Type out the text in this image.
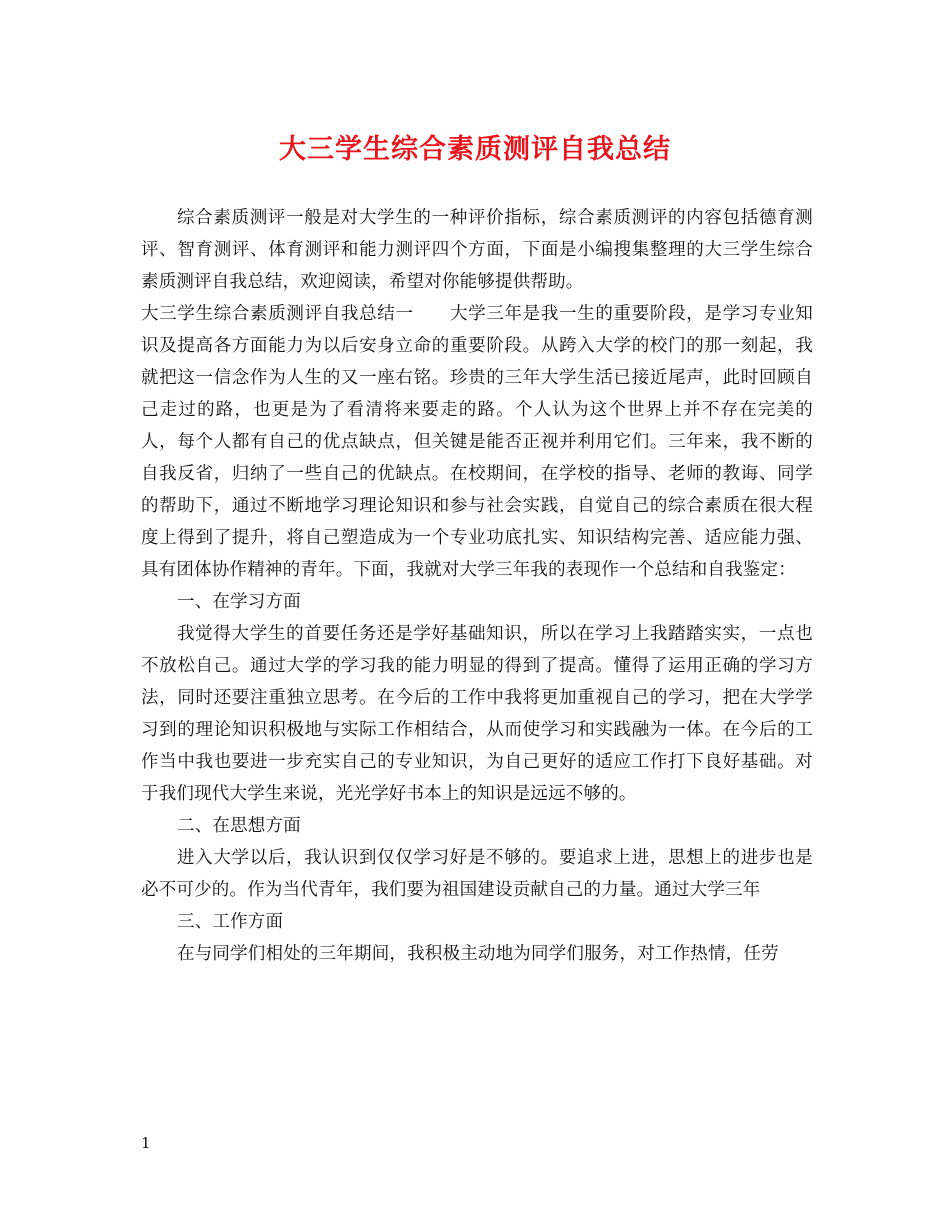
大三学生综合素质测评自我总结

综合素质测评一般是对大学生的一种评价指标，综合素质测评的内容包括德育测评、智育测评、体育测评和能力测评四个方面，下面是小编搜集整理的大三学生综合素质测评自我总结，欢迎阅读，希望对你能够提供帮助。

大三学生综合素质测评自我总结一　　大学三年是我一生的重要阶段，是学习专业知识及提高各方面能力为以后安身立命的重要阶段。从跨入大学的校门的那一刻起，我就把这一信念作为人生的又一座右铭。珍贵的三年大学生活已接近尾声，此时回顾自己走过的路，也更是为了看清将来要走的路。个人认为这个世界上并不存在完美的人，每个人都有自己的优点缺点，但关键是能否正视并利用它们。三年来，我不断的自我反省，归纳了一些自己的优缺点。在校期间，在学校的指导、老师的教诲、同学的帮助下，通过不断地学习理论知识和参与社会实践，自觉自己的综合素质在很大程度上得到了提升，将自己塑造成为一个专业功底扎实、知识结构完善、适应能力强、具有团体协作精神的青年。下面，我就对大学三年我的表现作一个总结和自我鉴定：

一、在学习方面

我觉得大学生的首要任务还是学好基础知识，所以在学习上我踏踏实实，一点也不放松自己。通过大学的学习我的能力明显的得到了提高。懂得了运用正确的学习方法，同时还要注重独立思考。在今后的工作中我将更加重视自己的学习，把在大学学习到的理论知识积极地与实际工作相结合，从而使学习和实践融为一体。在今后的工作当中我也要进一步充实自己的专业知识，为自己更好的适应工作打下良好基础。对于我们现代大学生来说，光光学好书本上的知识是远远不够的。

二、在思想方面

进入大学以后，我认识到仅仅学习好是不够的。要追求上进，思想上的进步也是必不可少的。作为当代青年，我们要为祖国建设贡献自己的力量。通过大学三年

三、工作方面

在与同学们相处的三年期间，我积极主动地为同学们服务，对工作热情，任劳

1
